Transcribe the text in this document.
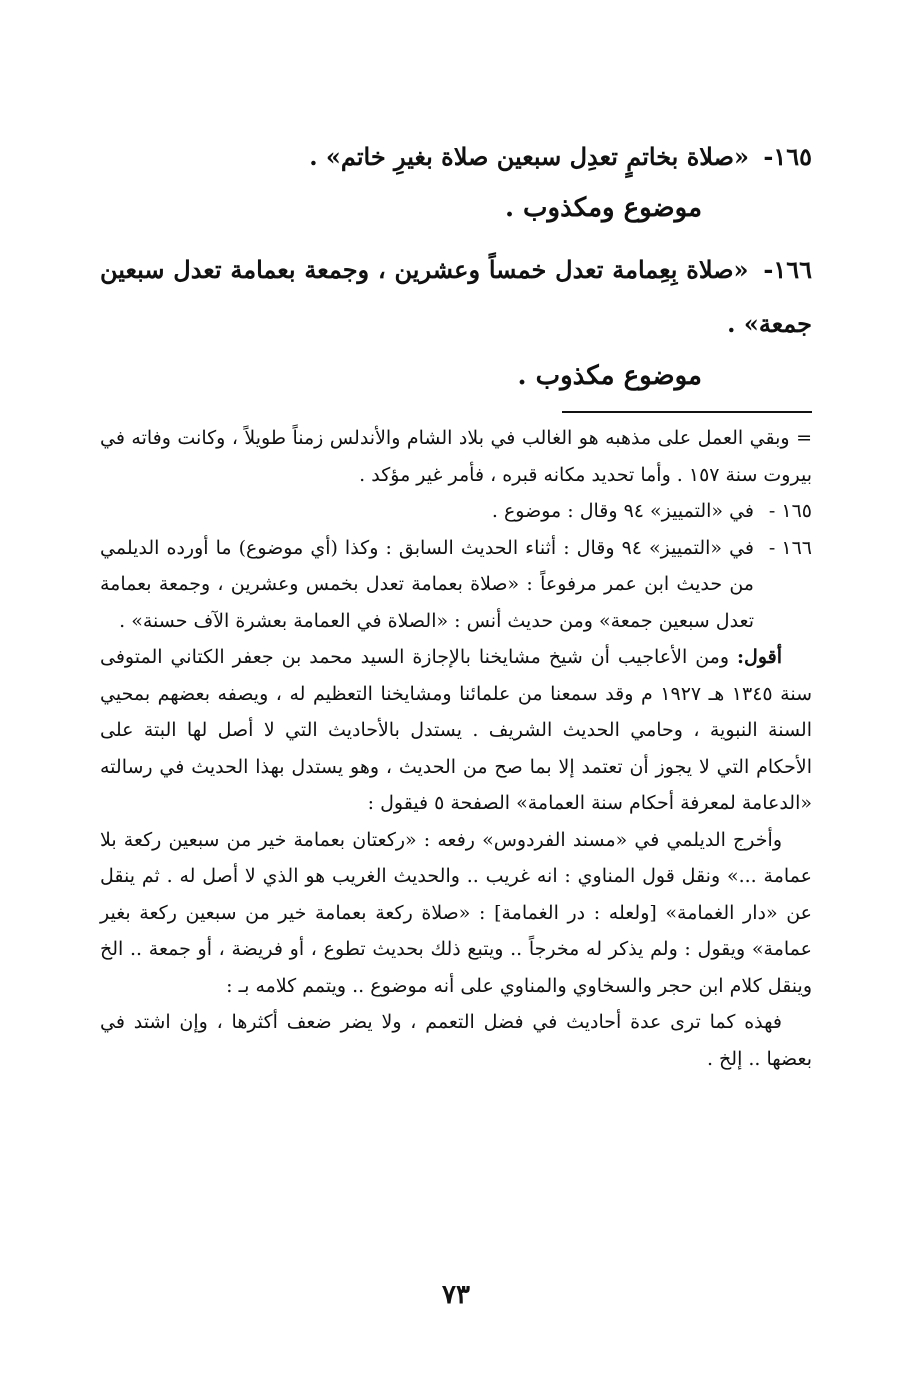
١٦٥- «صلاة بخاتمٍ تعدِل سبعين صلاة بغيرِ خاتم» .
موضوع ومكذوب .
١٦٦- «صلاة بِعِمامة تعدل خمساً وعشرين ، وجمعة بعمامة تعدل سبعين جمعة» .
موضوع مكذوب .

= وبقي العمل على مذهبه هو الغالب في بلاد الشام والأندلس زمناً طويلاً ، وكانت وفاته في بيروت سنة ١٥٧ . وأما تحديد مكانه قبره ، فأمر غير مؤكد .

١٦٥ -
في «التمييز» ٩٤ وقال : موضوع .
١٦٦ -
في «التمييز» ٩٤ وقال : أثناء الحديث السابق : وكذا (أي موضوع) ما أورده الديلمي من حديث ابن عمر مرفوعاً : «صلاة بعمامة تعدل بخمس وعشرين ، وجمعة بعمامة تعدل سبعين جمعة» ومن حديث أنس : «الصلاة في العمامة بعشرة الآف حسنة» .

أقول: ومن الأعاجيب أن شيخ مشايخنا بالإجازة السيد محمد بن جعفر الكتاني المتوفى سنة ١٣٤٥ هـ ١٩٢٧ م وقد سمعنا من علمائنا ومشايخنا التعظيم له ، ويصفه بعضهم بمحيي السنة النبوية ، وحامي الحديث الشريف . يستدل بالأحاديث التي لا أصل لها البتة على الأحكام التي لا يجوز أن تعتمد إلا بما صح من الحديث ، وهو يستدل بهذا الحديث في رسالته «الدعامة لمعرفة أحكام سنة العمامة» الصفحة ٥ فيقول :

وأخرج الديلمي في «مسند الفردوس» رفعه : «ركعتان بعمامة خير من سبعين ركعة بلا عمامة ...» ونقل قول المناوي : انه غريب .. والحديث الغريب هو الذي لا أصل له . ثم ينقل عن «دار الغمامة» [ولعله : در الغمامة] : «صلاة ركعة بعمامة خير من سبعين ركعة بغير عمامة» ويقول : ولم يذكر له مخرجاً .. ويتبع ذلك بحديث تطوع ، أو فريضة ، أو جمعة .. الخ وينقل كلام ابن حجر والسخاوي والمناوي على أنه موضوع .. ويتمم كلامه بـ :

فهذه كما ترى عدة أحاديث في فضل التعمم ، ولا يضر ضعف أكثرها ، وإن اشتد في بعضها .. إلخ .

٧٣
